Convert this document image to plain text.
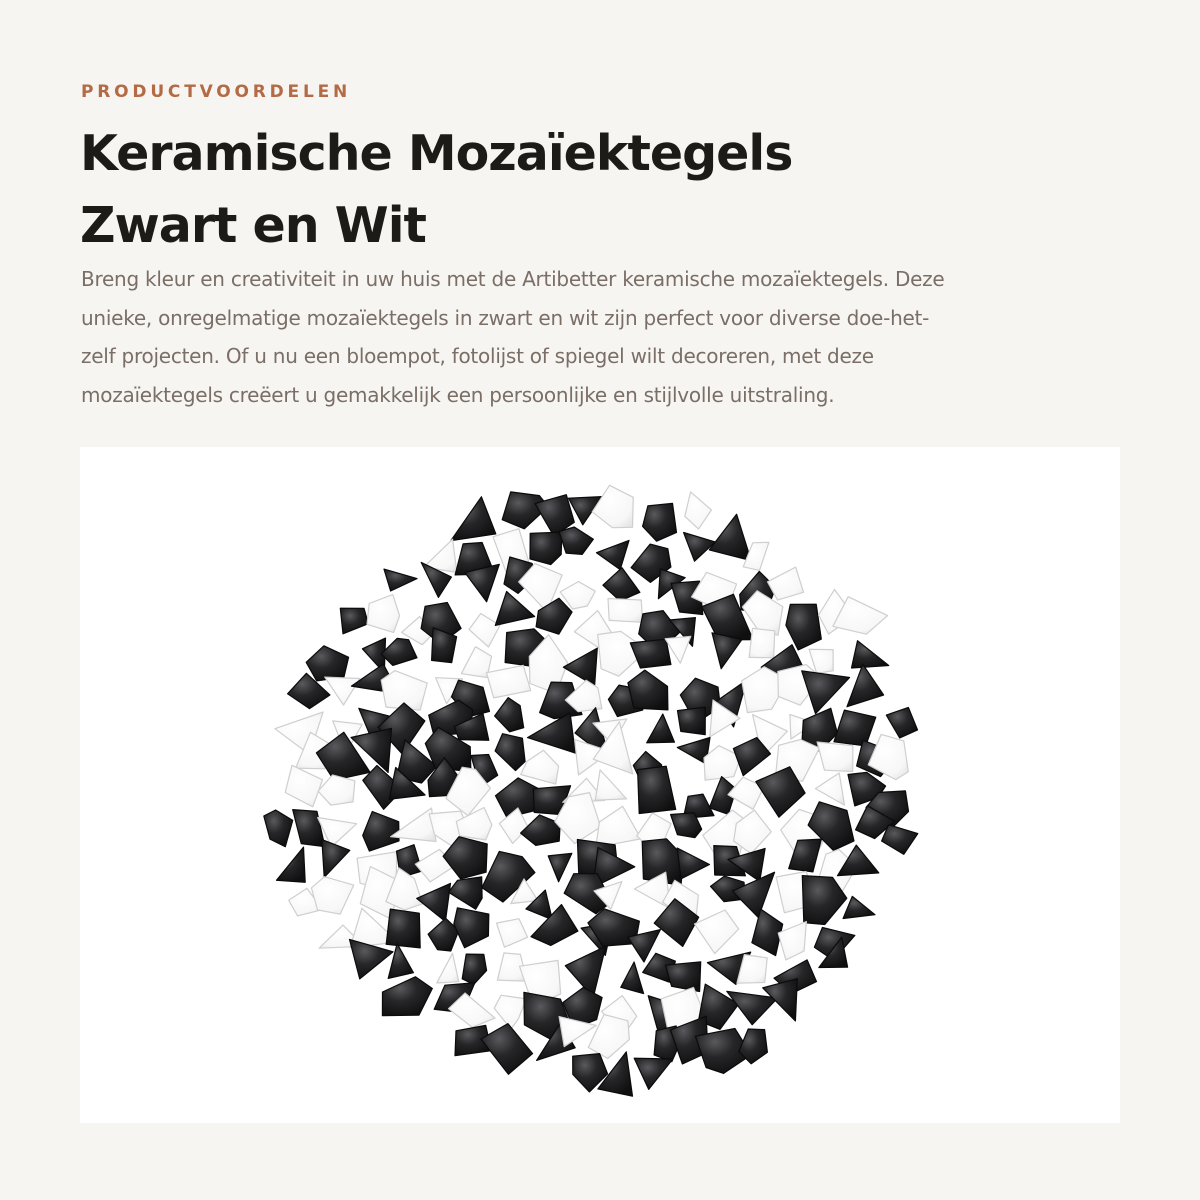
PRODUCTVOORDELEN

Keramische Mozaïektegels
Zwart en Wit

Breng kleur en creativiteit in uw huis met de Artibetter keramische mozaïektegels. Deze
unieke, onregelmatige mozaïektegels in zwart en wit zijn perfect voor diverse doe-het-
zelf projecten. Of u nu een bloempot, fotolijst of spiegel wilt decoreren, met deze
mozaïektegels creëert u gemakkelijk een persoonlijke en stijlvolle uitstraling.
